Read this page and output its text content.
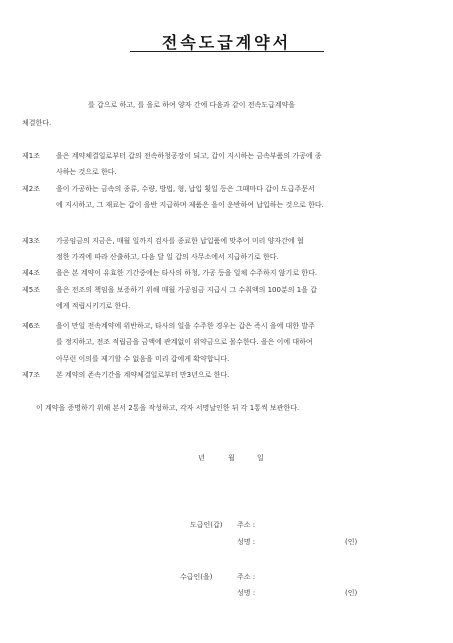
전속도급계약서
를 갑으로 하고, 를 을로 하여 양자 간에 다음과 같이 전속도급계약을
체결한다.
제1조 을은 계약체결일로부터 갑의 전속하청공장이 되고, 갑이 지시하는 금속부품의 가공에 종
사하는 것으로 한다.
제2조 을이 가공하는 금속의 종류, 수량, 방법, 형, 납입 횟일 등은 그때마다 갑이 도급주문서
에 지시하고, 그 재료는 갑이 을반 지급하며 제품은 을이 운반하여 납입하는 것으로 한다.
제3조 가공임금의 지금은, 매월 일까지 검사를 종료한 납입품에 맞추어 미리 양자간에 협
정한 가격에 따라 산출하고, 다음 달 일 갑의 사무소에서 지급하기로 한다.
제4조 을은 본 계약이 유효한 기간중에는 타사의 하청, 가공 등을 일체 수주하지 않기로 한다.
제5조 을은 전조의 책임을 보증하기 위해 매월 가공임금 지급시 그 수취액의 100분의 1을 갑
에게 적립시키기로 한다.
제6조 을이 만일 전속계약에 위반하고, 타사의 일을 수주한 경우는 갑은 즉시 을에 대한 발주
를 정지하고, 전조 적립금을 금액에 관계없이 위약금으로 몰수한다. 을은 이에 대하여
아무런 이의를 제기할 수 없음을 미리 갑에게 확약합니다.
제7조 본 계약의 존속기간을 계약체결일로부터 만3년으로 한다.
이 계약을 증명하기 위해 본서 2통을 작성하고, 각자 서명날인한 뒤 각 1통씩 보관한다.
년	월	일
도급인(갑) 주소 :
성명 :	(인)
수급인(을)	주소 :
성명 :	(인)
